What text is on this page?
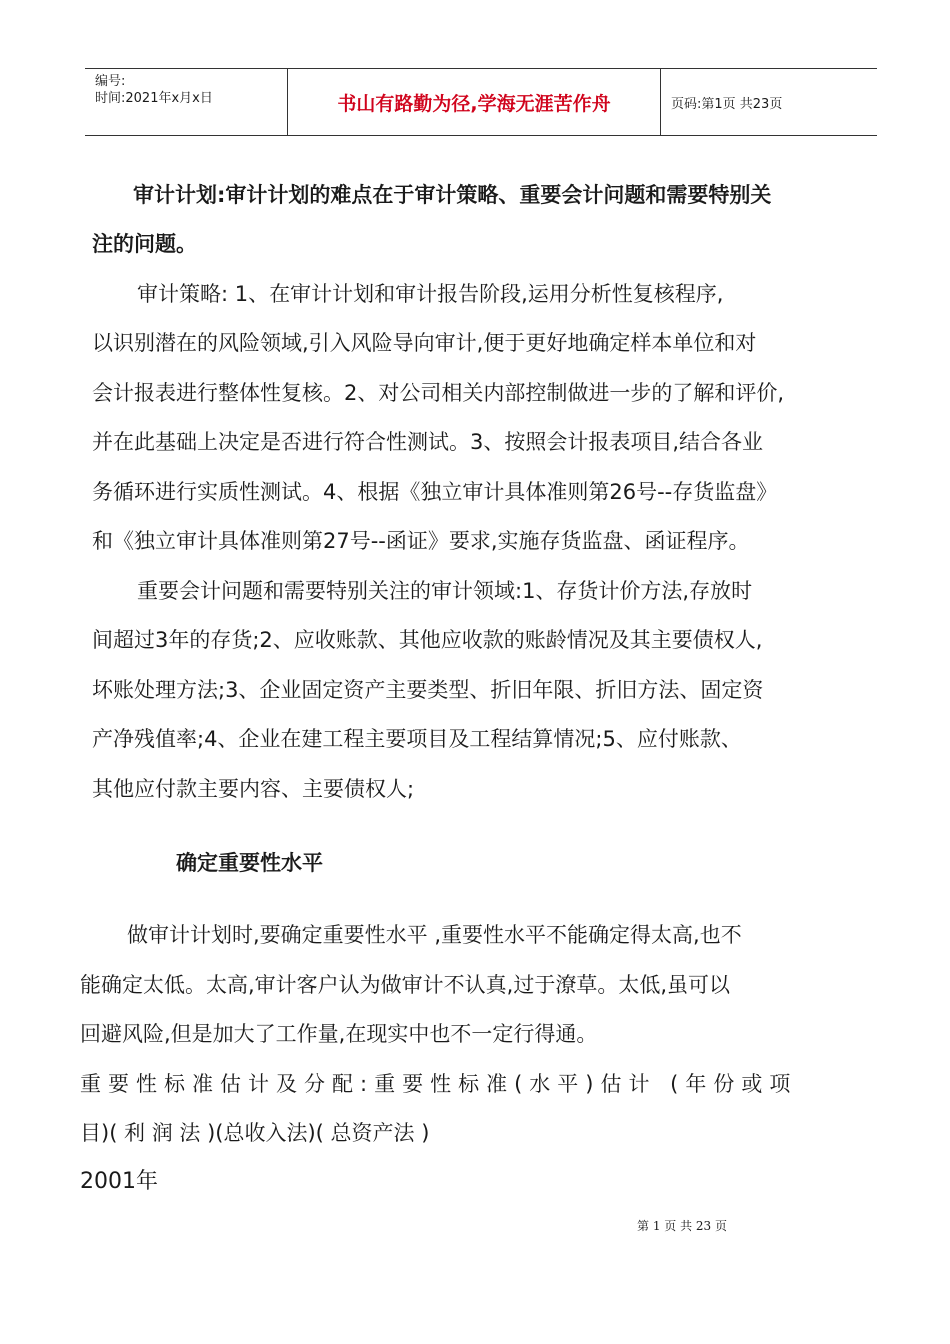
编号:
时间:2021年x月x日	书山有路勤为径,学海无涯苦作舟	页码:第1页 共23页
审计计划:审计计划的难点在于审计策略、重要会计问题和需要特别关
注的问题。
审计策略: 1、在审计计划和审计报告阶段,运用分析性复核程序,
以识别潜在的风险领域,引入风险导向审计,便于更好地确定样本单位和对
会计报表进行整体性复核。2、对公司相关内部控制做进一步的了解和评价,
并在此基础上决定是否进行符合性测试。3、按照会计报表项目,结合各业
务循环进行实质性测试。4、根据《独立审计具体准则第26号--存货监盘》
和《独立审计具体准则第27号--函证》要求,实施存货监盘、函证程序。
重要会计问题和需要特别关注的审计领域:1、存货计价方法,存放时
间超过3年的存货;2、应收账款、其他应收款的账龄情况及其主要债权人,
坏账处理方法;3、企业固定资产主要类型、折旧年限、折旧方法、固定资
产净残值率;4、企业在建工程主要项目及工程结算情况;5、应付账款、
其他应付款主要内容、主要债权人;
确定重要性水平
做审计计划时,要确定重要性水平 ,重要性水平不能确定得太高,也不
能确定太低。太高,审计客户认为做审计不认真,过于潦草。太低,虽可以
回避风险,但是加大了工作量,在现实中也不一定行得通。
重要性标准估计及分配:重要性标准(水平)估计 (年份或项
目)( 利 润 法 )(总收入法)( 总资产法 )
2001年
第 1 页 共 23 页
